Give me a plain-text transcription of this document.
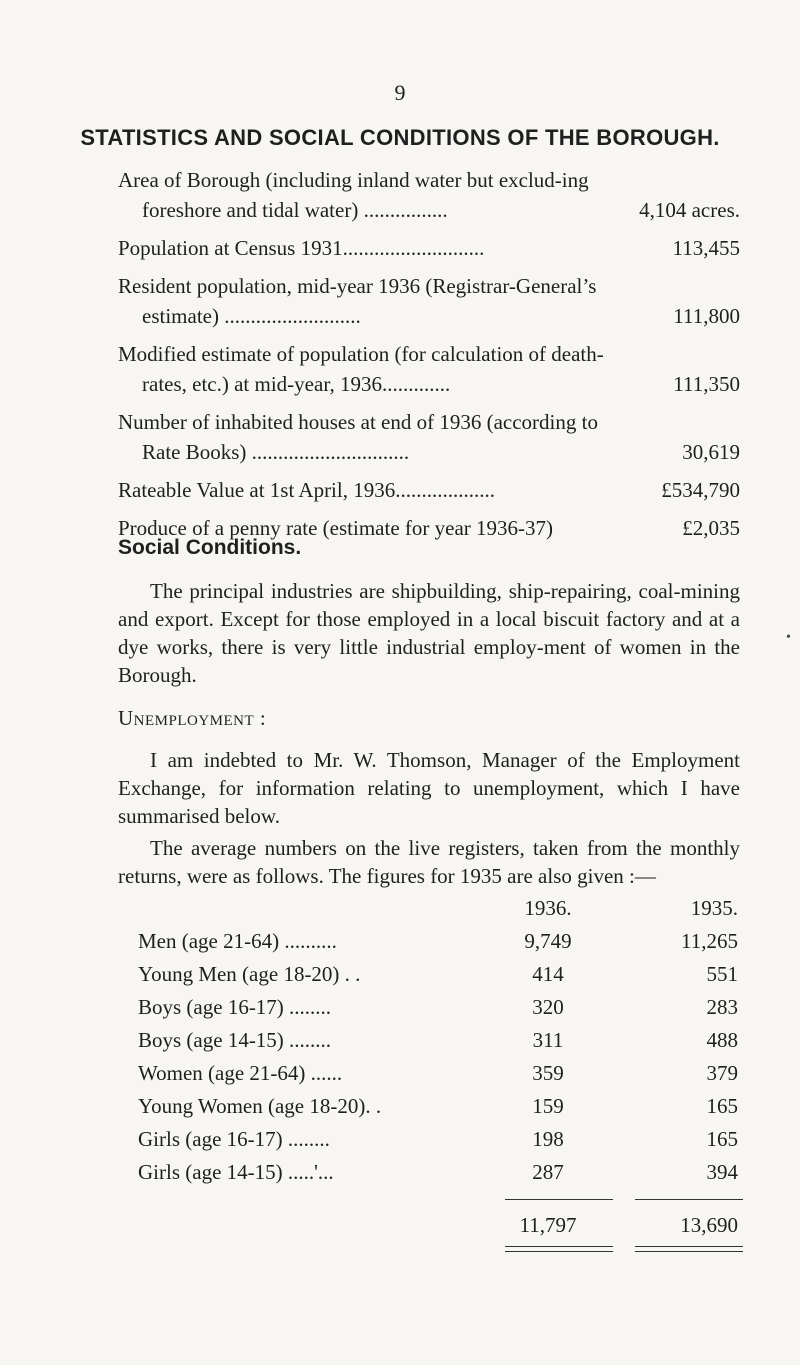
9
STATISTICS AND SOCIAL CONDITIONS OF THE BOROUGH.
Area of Borough (including inland water but exclud-ing foreshore and tidal water) ................	4,104 acres.
Population at Census 1931...........................	113,455
Resident population, mid-year 1936 (Registrar-General’s estimate) ..........................	111,800
Modified estimate of population (for calculation of death-rates, etc.) at mid-year, 1936.............	111,350
Number of inhabited houses at end of 1936 (according to Rate Books) ..............................	30,619
Rateable Value at 1st April, 1936...................	£534,790
Produce of a penny rate (estimate for year 1936-37)	£2,035
Social Conditions.
The principal industries are shipbuilding, ship-repairing, coal-mining and export. Except for those employed in a local biscuit factory and at a dye works, there is very little industrial employ-ment of women in the Borough.
•
Unemployment :
I am indebted to Mr. W. Thomson, Manager of the Employment Exchange, for information relating to unemployment, which I have summarised below.
The average numbers on the live registers, taken from the monthly returns, were as follows. The figures for 1935 are also given :—
1936.	1935.
Men (age 21-64) ..........	9,749	11,265
Young Men (age 18-20) . .	414	551
Boys (age 16-17) ........	320	283
Boys (age 14-15) ........	311	488
Women (age 21-64) ......	359	379
Young Women (age 18-20). .	159	165
Girls (age 16-17) ........	198	165
Girls (age 14-15) .....'...	287	394
11,797	13,690
